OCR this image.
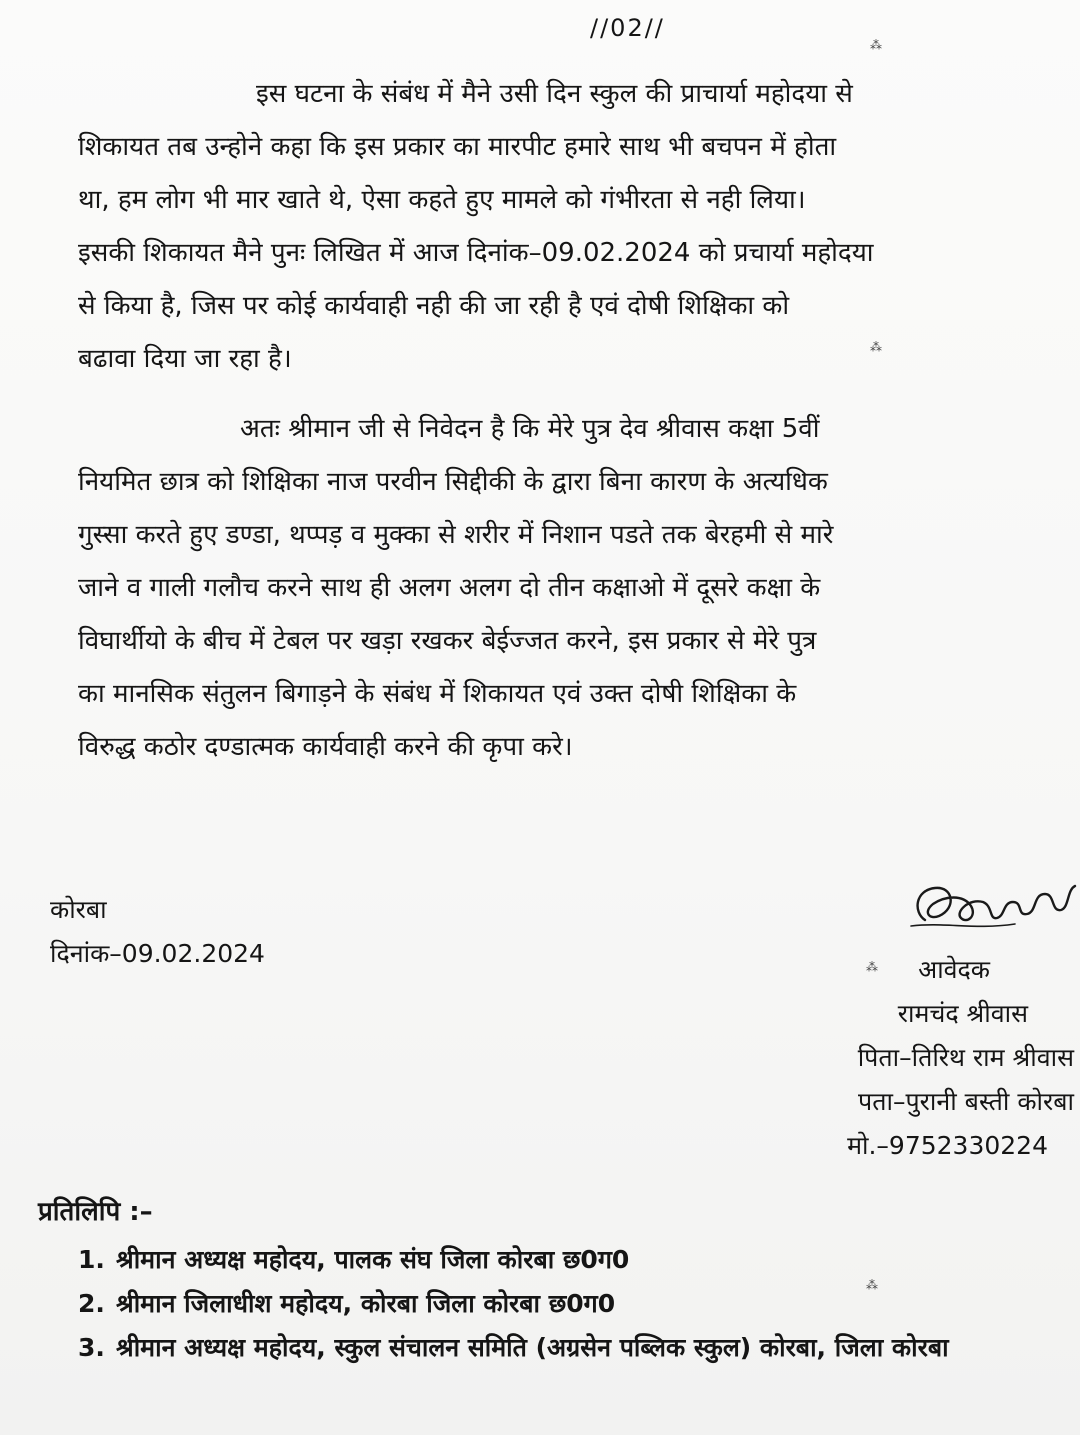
//02//

इस घटना के संबंध में मैने उसी दिन स्कुल की प्राचार्या महोदया से
शिकायत तब उन्होने कहा कि इस प्रकार का मारपीट हमारे साथ भी बचपन में होता
था, हम लोग भी मार खाते थे, ऐसा कहते हुए मामले को गंभीरता से नही लिया।
इसकी शिकायत मैने पुनः लिखित में आज दिनांक–09.02.2024 को प्रचार्या महोदया
से किया है, जिस पर कोई कार्यवाही नही की जा रही है एवं दोषी शिक्षिका को
बढावा दिया जा रहा है।

अतः श्रीमान जी से निवेदन है कि मेरे पुत्र देव श्रीवास कक्षा 5वीं
नियमित छात्र को शिक्षिका नाज परवीन सिद्दीकी के द्वारा बिना कारण के अत्यधिक
गुस्सा करते हुए डण्डा, थप्पड़ व मुक्का से शरीर में निशान पडते तक बेरहमी से मारे
जाने व गाली गलौच करने साथ ही अलग अलग दो तीन कक्षाओ में दूसरे कक्षा के
विघार्थीयो के बीच में टेबल पर खड़ा रखकर बेईज्जत करने, इस प्रकार से मेरे पुत्र
का मानसिक संतुलन बिगाड़ने के संबंध में शिकायत एवं उक्त दोषी शिक्षिका के
विरुद्ध कठोर दण्डात्मक कार्यवाही करने की कृपा करे।

कोरबा
दिनांक–09.02.2024
आवेदक
रामचंद श्रीवास
पिता–तिरिथ राम श्रीवास
पता–पुरानी बस्ती कोरबा
मो.–9752330224
प्रतिलिपि :–
1. श्रीमान अध्यक्ष महोदय, पालक संघ जिला कोरबा छ0ग0
2. श्रीमान जिलाधीश महोदय, कोरबा जिला कोरबा छ0ग0
3. श्रीमान अध्यक्ष महोदय, स्कुल संचालन समिति (अग्रसेन पब्लिक स्कुल) कोरबा, जिला कोरबा
⁂
⁂
⁂
⁂
